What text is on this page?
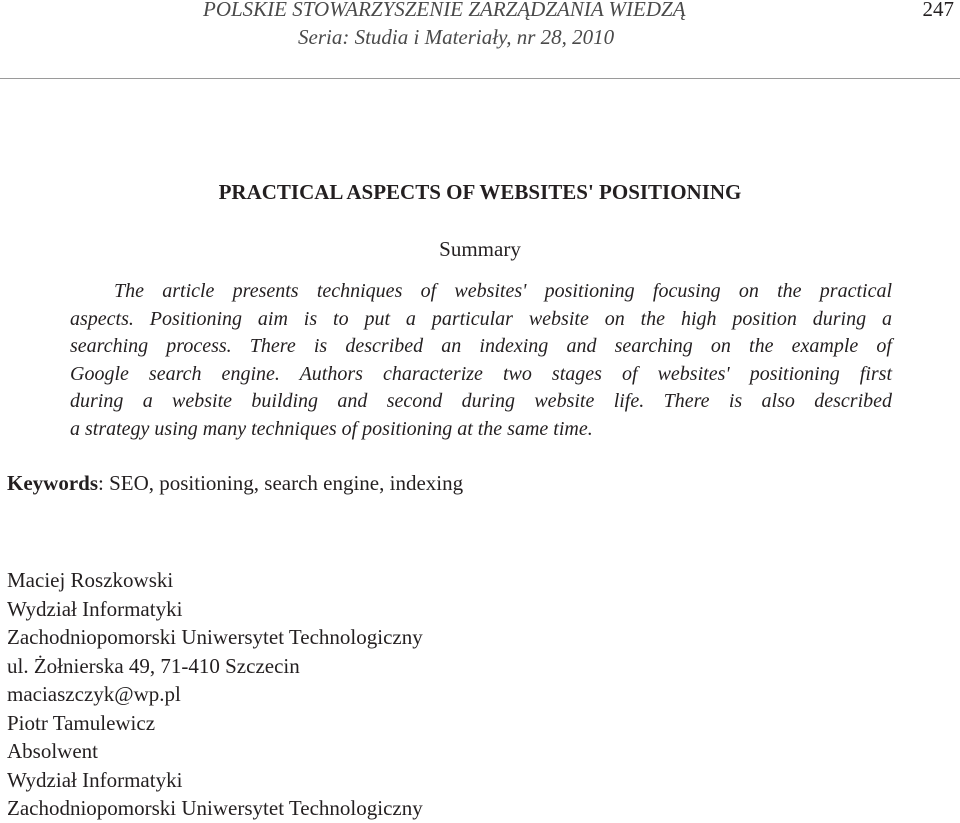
POLSKIE STOWARZYSZENIE ZARZĄDZANIA WIEDZĄ
Seria: Studia i Materiały, nr 28, 2010
247
PRACTICAL ASPECTS OF WEBSITES' POSITIONING
Summary
The article presents techniques of websites' positioning focusing on the practical
aspects. Positioning aim is to put a particular website on the high position during a
searching process. There is described an indexing and searching on the example of
Google search engine. Authors characterize two stages of websites' positioning first
during a website building and second during website life. There is also described
a strategy using many techniques of positioning at the same time.
Keywords: SEO, positioning, search engine, indexing
Maciej Roszkowski
Wydział Informatyki
Zachodniopomorski Uniwersytet Technologiczny
ul. Żołnierska 49, 71-410 Szczecin
maciaszczyk@wp.pl
Piotr Tamulewicz
Absolwent
Wydział Informatyki
Zachodniopomorski Uniwersytet Technologiczny
